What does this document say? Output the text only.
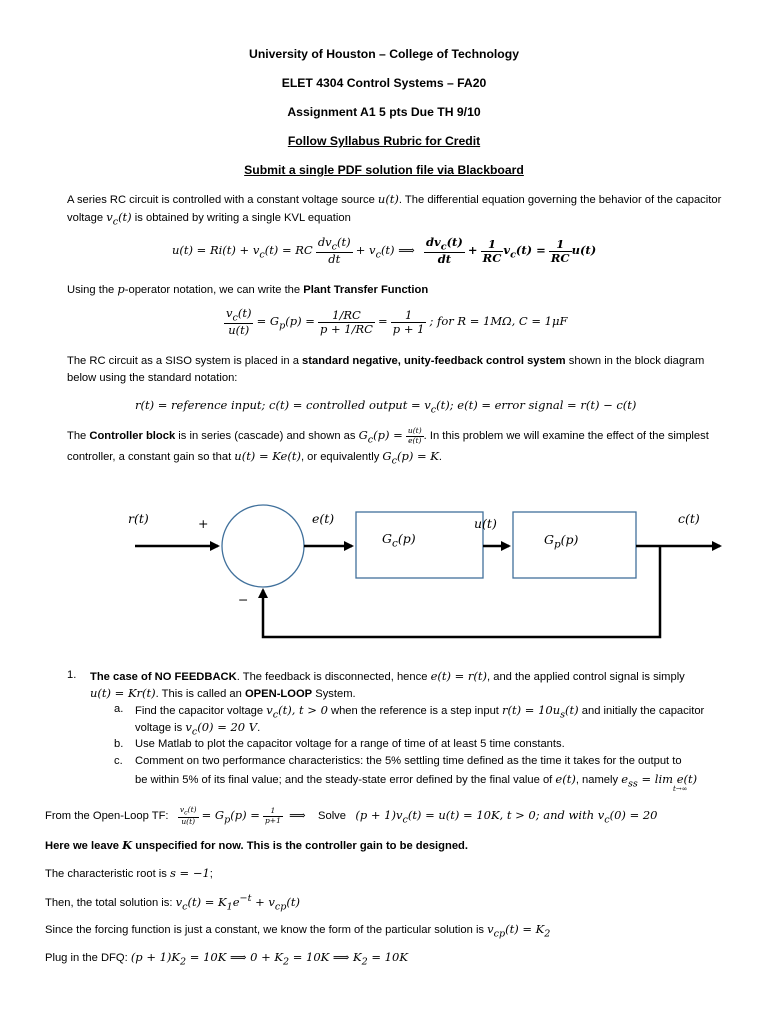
University of Houston – College of Technology
ELET 4304 Control Systems – FA20
Assignment A1 5 pts Due TH 9/10
Follow Syllabus Rubric for Credit
Submit a single PDF solution file via Blackboard
A series RC circuit is controlled with a constant voltage source u(t). The differential equation governing the behavior of the capacitor voltage $v_c(t)$ is obtained by writing a single KVL equation
$u(t) = Ri(t) + v_c(t)$ = RC $\frac{dv_c(t)}{dt} + v_c(t)$ ⟹ $\frac{dv_c(t)}{dt} + \frac{1}{RC} v_c(t) = \frac{1}{RC} u(t)$
Using the p-operator notation, we can write the Plant Transfer Function
$\frac{v_c(t)}{u(t)} = G_p(p) = \frac{1/RC}{p + 1/RC} = \frac{1}{p + 1}$ ; for R = 1MΩ, C = 1μF
The RC circuit as a SISO system is placed in a standard negative, unity-feedback control system shown in the block diagram below using the standard notation:
r(t) = reference input; c(t) = controlled output = $v_c(t)$; e(t) = error signal = r(t) − c(t)
The Controller block is in series (cascade) and shown as $G_c(p) = \frac{u(t)}{e(t)}$ . In this problem we will examine the effect of the simplest controller, a constant gain so that u(t) = Ke(t), or equivalently $G_c(p) = K$.
r(t)	+
−
e(t)
$G_c(p)$
u(t)
$G_p(p)$
c(t)
1. The case of NO FEEDBACK. The feedback is disconnected, hence e(t) = r(t), and the applied control signal is simply
u(t) = Kr(t). This is called an OPEN-LOOP System.
a. Find the capacitor voltage $v_c(t)$, t > 0 when the reference is a step input $r(t) = 10u_s(t)$ and initially the capacitor
voltage is $v_c(0) = 20$ V.
b. Use Matlab to plot the capacitor voltage for a range of time of at least 5 time constants.
c. Comment on two performance characteristics: the 5% settling time defined as the time it takes for the output to
be within 5% of its final value; and the steady-state error defined by the final value of e(t), namely $e_{ss} = \lim e(t)$
t→∞
From the Open-Loop TF: $\frac{v_c(t)}{u(t)} = G_p(p) = \frac{1}{p+1}$ ⟹ Solve $(p + 1)v_c(t) = u(t) = 10K$, t > 0; and with $v_c(0) = 20$
Here we leave K unspecified for now. This is the controller gain to be designed.
The characteristic root is s = −1;
Then, the total solution is: $v_c(t) = K_1e^{-t} + v_{cp}(t)$
Since the forcing function is just a constant, we know the form of the particular solution is $v_{cp}(t) = K_2$
Plug in the DFQ: $(p + 1)K_2 = 10K$ ⟹ $0 + K_2 = 10K$ ⟹ $K_2 = 10K$
